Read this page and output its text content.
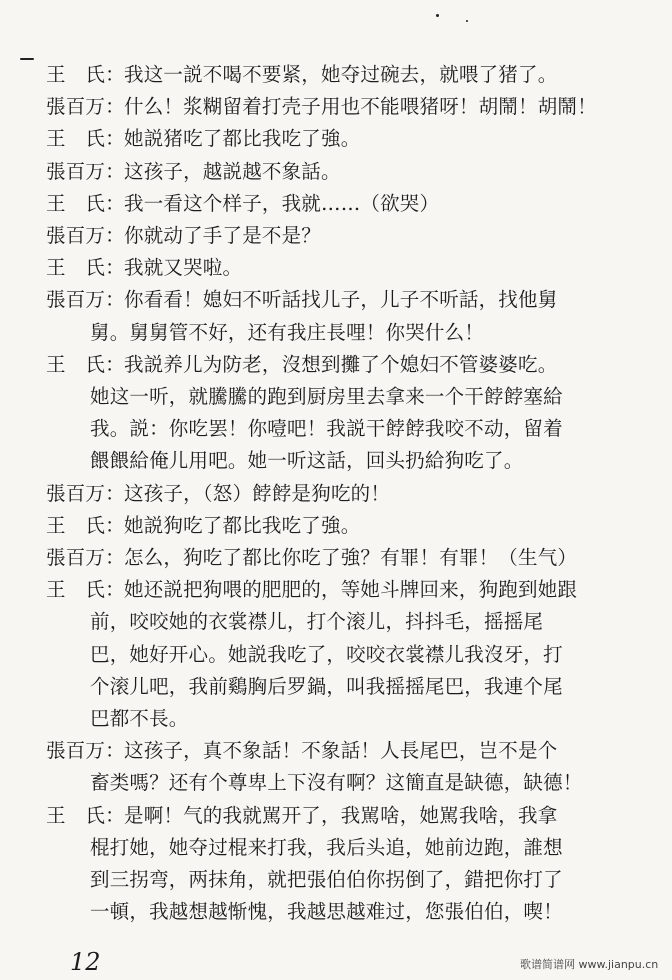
王　氏：我这一説不喝不要紧，她夺过碗去，就喂了猪了。
張百万：什么！浆糊留着打壳子用也不能喂猪呀！胡鬧！胡鬧！
王　氏：她説猪吃了都比我吃了強。
張百万：这孩子，越説越不象話。
王　氏：我一看这个样子，我就……（欲哭）
張百万：你就动了手了是不是？
王　氏：我就又哭啦。
張百万：你看看！媳妇不听話找儿子，儿子不听話，找他舅
舅。舅舅管不好，还有我庄長哩！你哭什么！
王　氏：我説养儿为防老，沒想到攤了个媳妇不管婆婆吃。
她这一听，就騰騰的跑到厨房里去拿来一个干餑餑塞給
我。説：你吃罢！你噎吧！我説干餑餑我咬不动，留着
餵餵給俺儿用吧。她一听这話，回头扔給狗吃了。
張百万：这孩子，（怒）餑餑是狗吃的！
王　氏：她説狗吃了都比我吃了強。
張百万：怎么，狗吃了都比你吃了強？有罪！有罪！（生气）
王　氏：她还説把狗喂的肥肥的，等她斗牌回来，狗跑到她跟
前，咬咬她的衣裳襟儿，打个滚儿，抖抖毛，摇摇尾
巴，她好开心。她説我吃了，咬咬衣裳襟儿我沒牙，打
个滚儿吧，我前鷄胸后罗鍋，叫我摇摇尾巴，我連个尾
巴都不長。
張百万：这孩子，真不象話！不象話！人長尾巴，岂不是个
畜类嗎？还有个尊卑上下沒有啊？这簡直是缺德，缺德！
王　氏：是啊！气的我就駡开了，我駡啥，她駡我啥，我拿
棍打她，她夺过棍来打我，我后头追，她前边跑，誰想
到三拐弯，两抹角，就把張伯伯你拐倒了，錯把你打了
一頓，我越想越惭愧，我越思越难过，您張伯伯，喫！
12	歌谱简谱网 www.jianpu.cn
